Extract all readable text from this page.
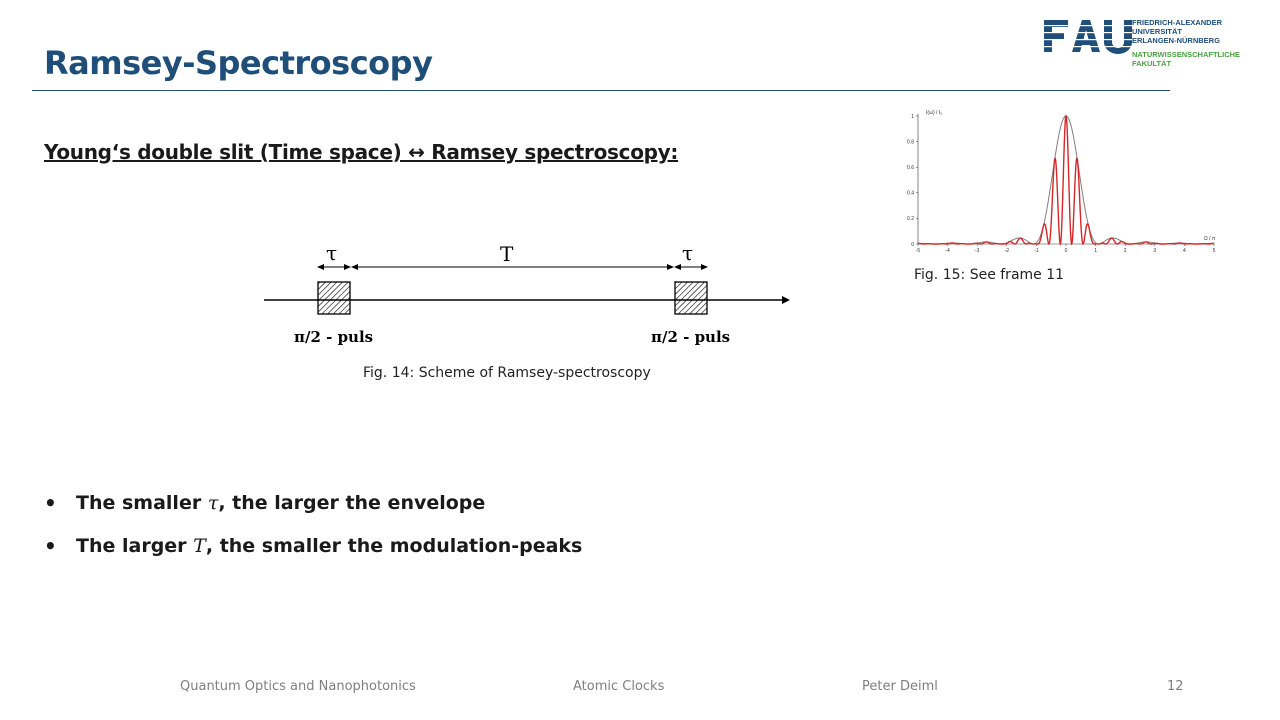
Ramsey-Spectroscopy
FRIEDRICH-ALEXANDER
UNIVERSITÄT
ERLANGEN-NÜRNBERG
NATURWISSENSCHAFTLICHE
FAKULTÄT
Young‘s double slit (Time space) ↔ Ramsey spectroscopy:
τ	T	τ
π/2 - puls	π/2 - puls
Fig. 14: Scheme of Ramsey-spectroscopy
1
0.8
0.6
0.4
0.2
0
-5	-4	-3	-2	-1	0	1	2	3	4	5
I(ω) / I₀
Ω / π
Fig. 15: See frame 11
• The smaller τ, the larger the envelope
• The larger T, the smaller the modulation-peaks
Quantum Optics and Nanophotonics	Atomic Clocks	Peter Deiml	12
